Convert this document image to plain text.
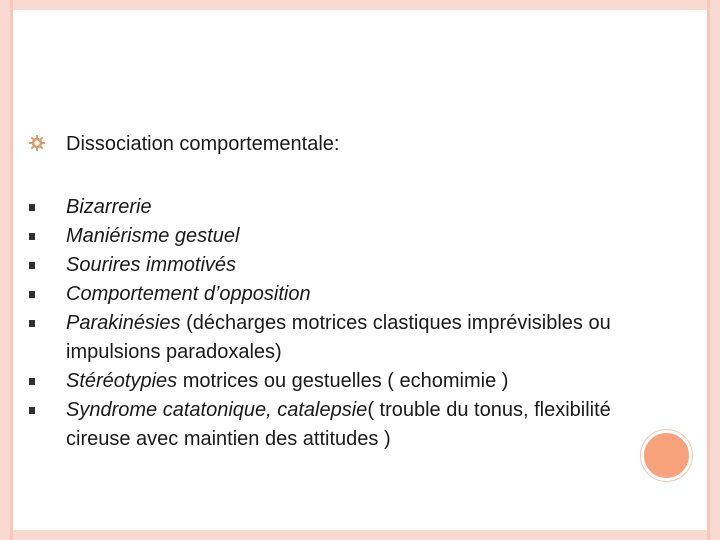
Dissociation comportementale:
Bizarrerie
Maniérisme gestuel
Sourires immotivés
Comportement d’opposition
Parakinésies (décharges motrices clastiques imprévisibles ou impulsions paradoxales)
Stéréotypies motrices ou gestuelles ( echomimie )
Syndrome catatonique, catalepsie( trouble du tonus, flexibilité cireuse avec maintien des attitudes )
